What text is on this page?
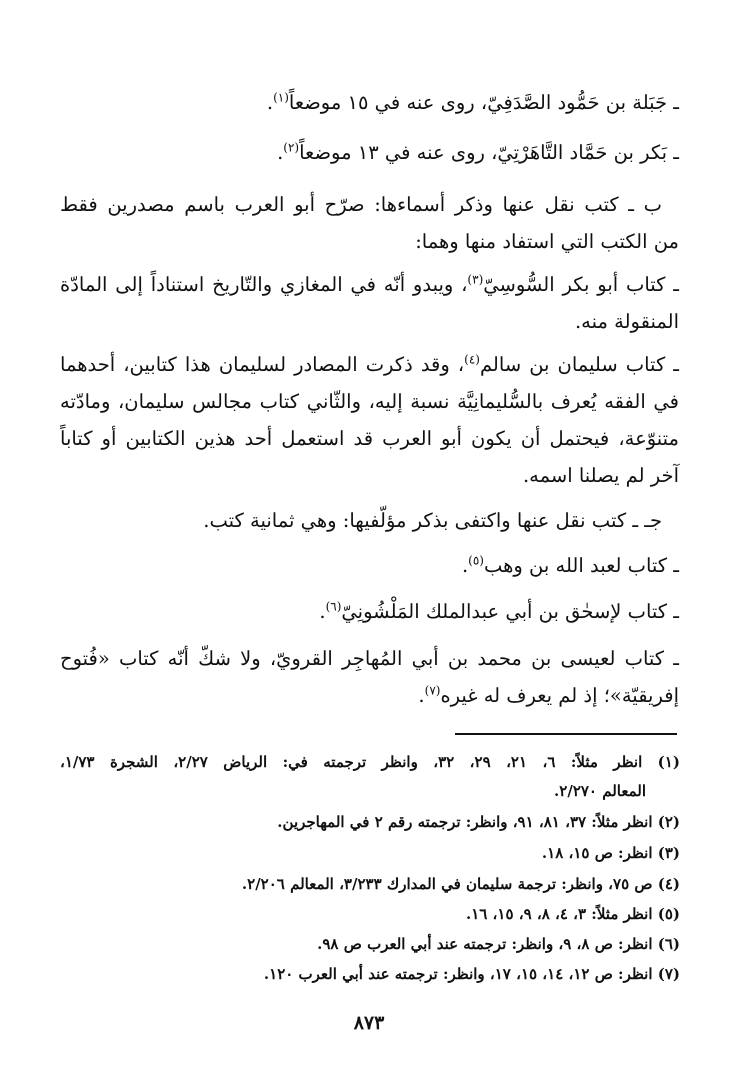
ـ جَبَلة بن حَمُّود الصَّدَفِيّ، روى عنه في ١٥ موضعاً$^{(١)}$.

ـ بَكر بن حَمَّاد التَّاهَرْتِيّ، روى عنه في ١٣ موضعاً$^{(٢)}$.

ب ـ كتب نقل عنها وذكر أسماءها: صرّح أبو العرب باسم مصدرين فقط

من الكتب التي استفاد منها وهما:

ـ كتاب أبو بكر السُّوسِيّ$^{(٣)}$، ويبدو أنّه في المغازي والتّاريخ استناداً إلى المادّة

المنقولة منه.

ـ كتاب سليمان بن سالم$^{(٤)}$، وقد ذكرت المصادر لسليمان هذا كتابين، أحدهما

في الفقه يُعرف بالسُّليمانِيَّة نسبة إليه، والثّاني كتاب مجالس سليمان، ومادّته

متنوّعة، فيحتمل أن يكون أبو العرب قد استعمل أحد هذين الكتابين أو كتاباً

آخر لم يصلنا اسمه.

جـ ـ كتب نقل عنها واكتفى بذكر مؤلّفيها: وهي ثمانية كتب.

ـ كتاب لعبد الله بن وهب$^{(٥)}$.

ـ كتاب لإسحٰق بن أبي عبدالملك المَلْشُونِيّ$^{(٦)}$.

ـ كتاب لعيسى بن محمد بن أبي المُهاجِر القرويّ، ولا شكّ أنّه كتاب «فُتوح

إفريقيّة»؛ إذ لم يعرف له غيره$^{(٧)}$.

(١) انظر مثلاً: ٦، ٢١، ٢٩، ٣٢، وانظر ترجمته في: الرياض ٢/٢٧، الشجرة ١/٧٣،

المعالم ٢/٢٧٠.

(٢) انظر مثلاً: ٣٧، ٨١، ٩١، وانظر: ترجمته رقم ٢ في المهاجرين.

(٣) انظر: ص ١٥، ١٨.

(٤) ص ٧٥، وانظر: ترجمة سليمان في المدارك ٣/٢٣٣، المعالم ٢/٢٠٦.

(٥) انظر مثلاً: ٣، ٤، ٨، ٩، ١٥، ١٦.

(٦) انظر: ص ٨، ٩، وانظر: ترجمته عند أبي العرب ص ٩٨.

(٧) انظر: ص ١٢، ١٤، ١٥، ١٧، وانظر: ترجمته عند أبي العرب ١٢٠.

٨٧٣
